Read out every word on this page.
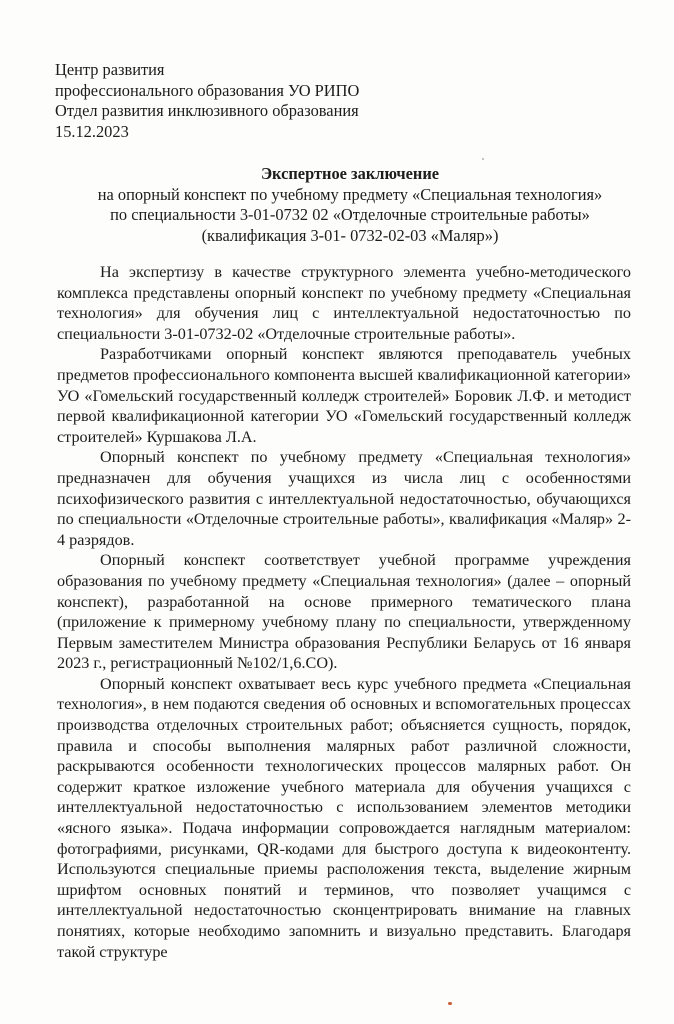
Центр развития
профессионального образования УО РИПО
Отдел развития инклюзивного образования
15.12.2023
Экспертное заключение
на опорный конспект по учебному предмету «Специальная технология»
по специальности 3-01-0732 02 «Отделочные строительные работы»
(квалификация 3-01- 0732-02-03 «Маляр»)

На экспертизу в качестве структурного элемента учебно-методического комплекса представлены опорный конспект по учебному предмету «Специальная технология» для обучения лиц с интеллектуальной недостаточностью по специальности 3-01-0732-02 «Отделочные строительные работы».

Разработчиками опорный конспект являются преподаватель учебных предметов профессионального компонента высшей квалификационной категории» УО «Гомельский государственный колледж строителей» Боровик Л.Ф. и методист первой квалификационной категории УО «Гомельский государственный колледж строителей» Куршакова Л.А.

Опорный конспект по учебному предмету «Специальная технология» предназначен для обучения учащихся из числа лиц с особенностями психофизического развития с интеллектуальной недостаточностью, обучающихся по специальности «Отделочные строительные работы», квалификация «Маляр» 2-4 разрядов.

Опорный конспект соответствует учебной программе учреждения образования по учебному предмету «Специальная технология» (далее – опорный конспект), разработанной на основе примерного тематического плана (приложение к примерному учебному плану по специальности, утвержденному Первым заместителем Министра образования Республики Беларусь от 16 января 2023 г., регистрационный №102/1,6.СО).

Опорный конспект охватывает весь курс учебного предмета «Специальная технология», в нем подаются сведения об основных и вспомогательных процессах производства отделочных строительных работ; объясняется сущность, порядок, правила и способы выполнения малярных работ различной сложности, раскрываются особенности технологических процессов малярных работ. Он содержит краткое изложение учебного материала для обучения учащихся с интеллектуальной недостаточностью с использованием элементов методики «ясного языка». Подача информации сопровождается наглядным материалом: фотографиями, рисунками, QR-кодами для быстрого доступа к видеоконтенту. Используются специальные приемы расположения текста, выделение жирным шрифтом основных понятий и терминов, что позволяет учащимся с интеллектуальной недостаточностью сконцентрировать внимание на главных понятиях, которые необходимо запомнить и визуально представить. Благодаря такой структуре
